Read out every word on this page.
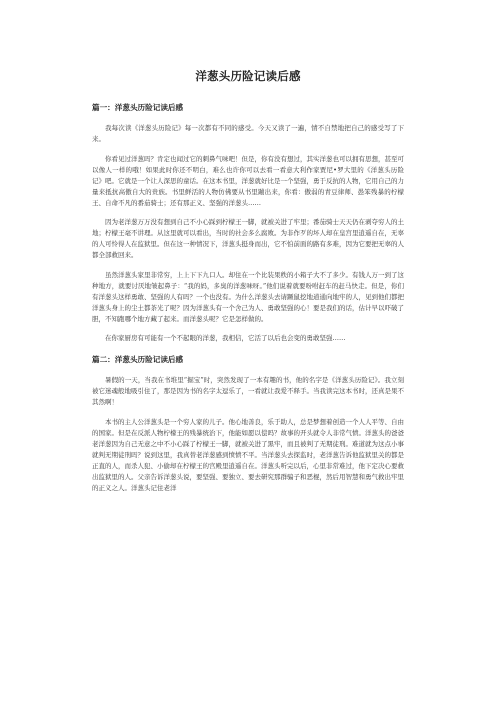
洋葱头历险记读后感
篇一：洋葱头历险记读后感

我每次读《洋葱头历险记》每一次都有不同的感受。今天又读了一遍，情不自禁地把自己的感受写了下来。

你看见过洋葱吗？肯定也闻过它的刺鼻气味吧！但是，你有没有想过，其实洋葱也可以拥有思想，甚至可以像人一样的哦！如果此时你还不明白，难么也许你可以去看一看意大利作家贾尼•罗大里的《洋葱头历险记》吧。它就是一个让人深思的童话。在这本书里，洋葱就好比是一个坚强，勇于反抗的人物，它用自己的力量来抵抗高傲自大的贵族。书里鲜活的人物仿佛要从书里蹦出来，你看：傲弱的青豆律师、愚笨残暴的柠檬王、自命不凡的番茄骑士；还有那正义、坚强的洋葱头……

因为老洋葱万万没有想到自己不小心踩到柠檬王一脚，就被关进了牢里；番茄骑士天天仍在剥夺穷人的土地；柠檬王毫不讲理。从这里就可以看出，当时的社会多么腐败。为非作歹的坏人却在皇宫里逍遥自在，无辜的人可怜得人在监狱里。但在这一种情况下，洋葱头挺身而出，它不怕前面的路有多难，因为它要把无辜的人都全部救回来。

虽然洋葱头家里非常穷，上上下下九口人。却住在一个比装果秩的小箱子大不了多少。有钱人万一到了这种地方，就要讨厌地皱起鼻子：“我的妈，多臭的洋葱味呀。”他们说着就要吩咐赶车的赶马快走。但是，你们有洋葱头这样勇敢、坚强的人有吗？一个也没有。为什么洋葱头去请蹶鼠挖地道通向地牢的人，见到他们都把洋葱头身上的尘土都茶光了呢？因为洋葱头有一个舍己为人、勇敢坚强的心！要是我们的话，估计早以吓破了胆，不知跑哪个地方藏了起来。而洋葱头呢？它是怎样做的。

在你家厨房有可能有一个不起眼的洋葱，我相信，它活了以后也会变的勇敢坚强……

篇二：洋葱头历险记读后感

暑假的一天，当我在书堆里“掘宝”时，突然发现了一本有趣的书，他的名字是《洋葱头历险记》。我立刻被它迷魂般地吸引住了，那是因为书的名字太逗乐了，一看就让我爱不释手。当我读完这本书时，还真是果不其然啊！

本书的主人公洋葱头是一个穷人家的儿子。他心地善良，乐于助人，总是梦想着创造一个人人平等、自由的国家。但是在反派人物柠檬王的残暴统治下，他能如愿以偿吗？故事的开头就令人非常气愤。洋葱头的爸爸老洋葱因为自己无意之中不小心踩了柠檬王一脚，就被关进了黑牢，而且被判了无期徒刑。难道就为这点小事就判无期徒刑吗？说到这里，我真替老洋葱感到愤愤不平。当洋葱头去探监时，老洋葱告诉他监狱里关的都是正直的人，而杀人犯、小偷却在柠檬王的宫殿里逍遥自在。洋葱头听完以后，心里非常难过，他下定决心要救出监狱里的人。父亲告诉洋葱头说，要坚强、要独立、要去研究那群骗子和恶棍，然后用智慧和勇气救出牢里的正义之人。洋葱头记住老洋
